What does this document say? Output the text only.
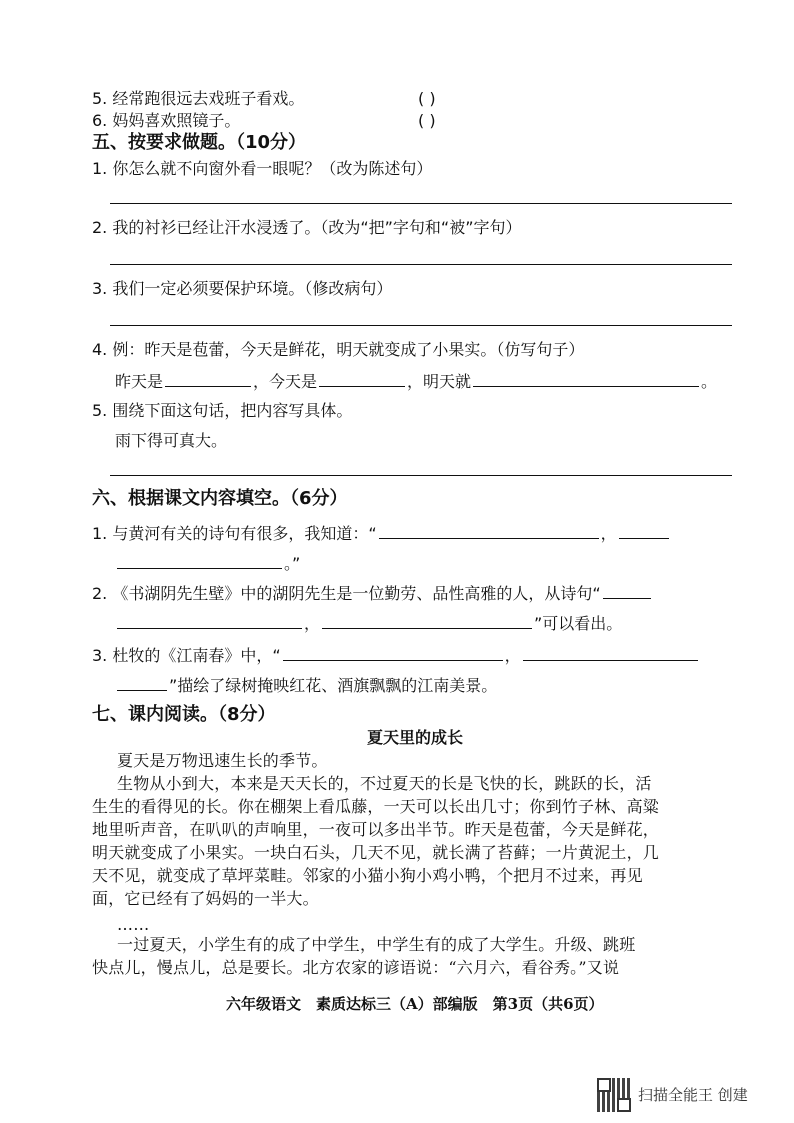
5. 经常跑很远去戏班子看戏。	( )
6. 妈妈喜欢照镜子。	( )
五、按要求做题。（10分）
1. 你怎么就不向窗外看一眼呢？（改为陈述句）
2. 我的衬衫已经让汗水浸透了。（改为“把”字句和“被”字句）
3. 我们一定必须要保护环境。（修改病句）
4. 例：昨天是苞蕾，今天是鲜花，明天就变成了小果实。（仿写句子）
昨天是	，今天是	，明天就	。
5. 围绕下面这句话，把内容写具体。
雨下得可真大。
六、根据课文内容填空。（6分）
1. 与黄河有关的诗句有很多，我知道：“	，
。”
2. 《书湖阴先生壁》中的湖阴先生是一位勤劳、品性高雅的人，从诗句“
，	”可以看出。
3. 杜牧的《江南春》中，“	，
”描绘了绿树掩映红花、酒旗飘飘的江南美景。
七、课内阅读。（8分）
夏天里的成长
夏天是万物迅速生长的季节。
生物从小到大，本来是天天长的，不过夏天的长是飞快的长，跳跃的长，活
生生的看得见的长。你在棚架上看瓜藤，一天可以长出几寸；你到竹子林、高粱
地里听声音，在叭叭的声响里，一夜可以多出半节。昨天是苞蕾，今天是鲜花，
明天就变成了小果实。一块白石头，几天不见，就长满了苔藓；一片黄泥土，几
天不见，就变成了草坪菜畦。邻家的小猫小狗小鸡小鸭，个把月不过来，再见
面，它已经有了妈妈的一半大。
……
一过夏天，小学生有的成了中学生，中学生有的成了大学生。升级、跳班
快点儿，慢点儿，总是要长。北方农家的谚语说：“六月六，看谷秀。”又说
六年级语文　素质达标三（A）部编版　第3页（共6页）
扫描全能王 创建
